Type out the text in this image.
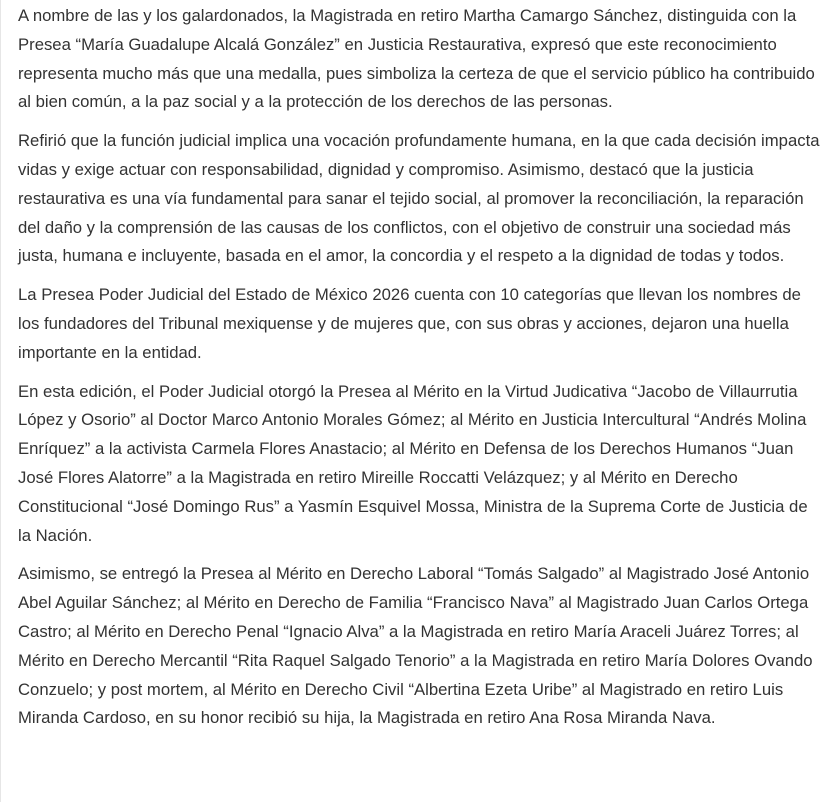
A nombre de las y los galardonados, la Magistrada en retiro Martha Camargo Sánchez, distinguida con la Presea “María Guadalupe Alcalá González” en Justicia Restaurativa, expresó que este reconocimiento representa mucho más que una medalla, pues simboliza la certeza de que el servicio público ha contribuido al bien común, a la paz social y a la protección de los derechos de las personas.

Refirió que la función judicial implica una vocación profundamente humana, en la que cada decisión impacta vidas y exige actuar con responsabilidad, dignidad y compromiso. Asimismo, destacó que la justicia restaurativa es una vía fundamental para sanar el tejido social, al promover la reconciliación, la reparación del daño y la comprensión de las causas de los conflictos, con el objetivo de construir una sociedad más justa, humana e incluyente, basada en el amor, la concordia y el respeto a la dignidad de todas y todos.

La Presea Poder Judicial del Estado de México 2026 cuenta con 10 categorías que llevan los nombres de los fundadores del Tribunal mexiquense y de mujeres que, con sus obras y acciones, dejaron una huella importante en la entidad.

En esta edición, el Poder Judicial otorgó la Presea al Mérito en la Virtud Judicativa “Jacobo de Villaurrutia López y Osorio” al Doctor Marco Antonio Morales Gómez; al Mérito en Justicia Intercultural “Andrés Molina Enríquez” a la activista Carmela Flores Anastacio; al Mérito en Defensa de los Derechos Humanos “Juan José Flores Alatorre” a la Magistrada en retiro Mireille Roccatti Velázquez; y al Mérito en Derecho Constitucional “José Domingo Rus” a Yasmín Esquivel Mossa, Ministra de la Suprema Corte de Justicia de la Nación.

Asimismo, se entregó la Presea al Mérito en Derecho Laboral “Tomás Salgado” al Magistrado José Antonio Abel Aguilar Sánchez; al Mérito en Derecho de Familia “Francisco Nava” al Magistrado Juan Carlos Ortega Castro; al Mérito en Derecho Penal “Ignacio Alva” a la Magistrada en retiro María Araceli Juárez Torres; al Mérito en Derecho Mercantil “Rita Raquel Salgado Tenorio” a la Magistrada en retiro María Dolores Ovando Conzuelo; y post mortem, al Mérito en Derecho Civil “Albertina Ezeta Uribe” al Magistrado en retiro Luis Miranda Cardoso, en su honor recibió su hija, la Magistrada en retiro Ana Rosa Miranda Nava.
